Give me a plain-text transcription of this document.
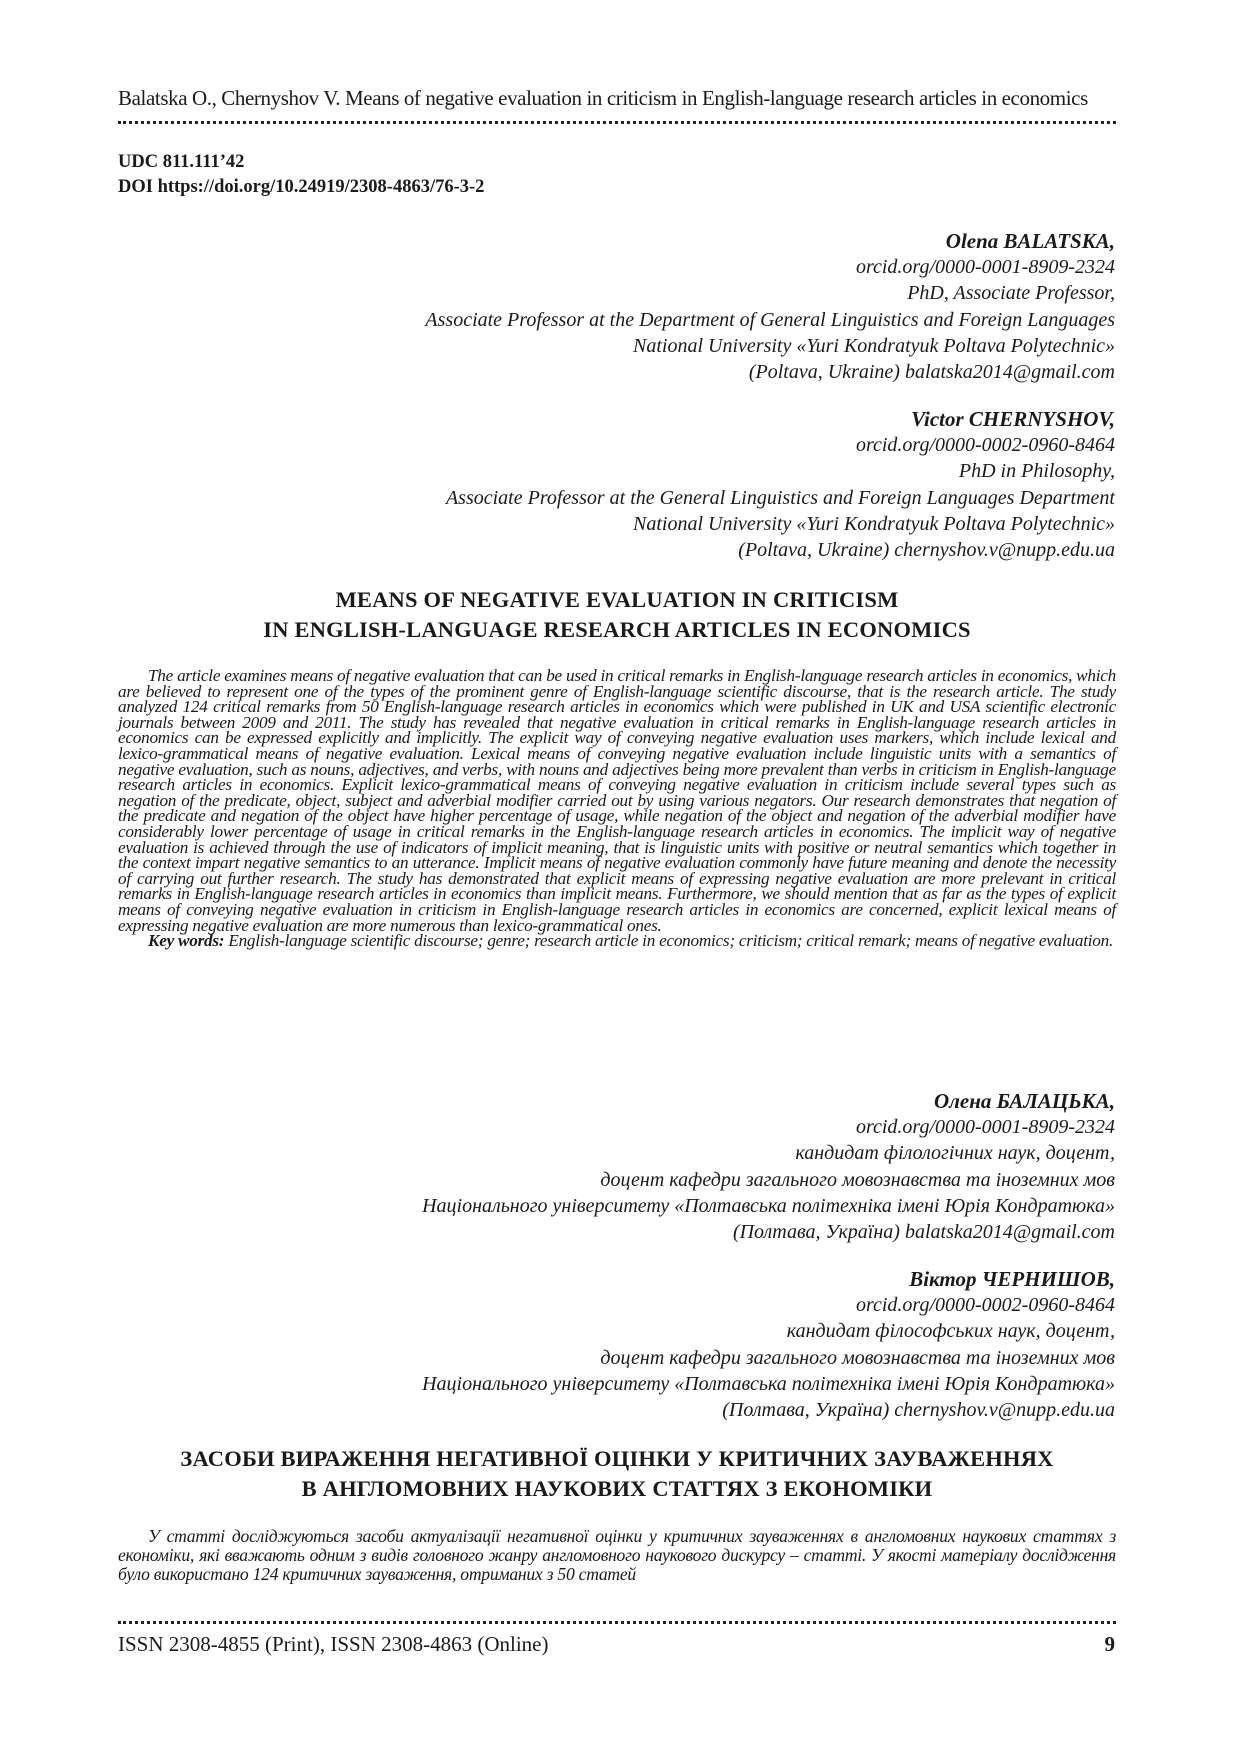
Balatska O., Chernyshov V. Means of negative evaluation in criticism in English-language research articles in economics
UDC 811.111’42
DOI https://doi.org/10.24919/2308-4863/76-3-2
Olena BALATSKA,
orcid.org/0000-0001-8909-2324
PhD, Associate Professor,
Associate Professor at the Department of General Linguistics and Foreign Languages
National University «Yuri Kondratyuk Poltava Polytechnic»
(Poltava, Ukraine) balatska2014@gmail.com
Victor CHERNYSHOV,
orcid.org/0000-0002-0960-8464
PhD in Philosophy,
Associate Professor at the General Linguistics and Foreign Languages Department
National University «Yuri Kondratyuk Poltava Polytechnic»
(Poltava, Ukraine) chernyshov.v@nupp.edu.ua
MEANS OF NEGATIVE EVALUATION IN CRITICISM
IN ENGLISH-LANGUAGE RESEARCH ARTICLES IN ECONOMICS

The article examines means of negative evaluation that can be used in critical remarks in English-language research articles in economics, which are believed to represent one of the types of the prominent genre of English-language scientific discourse, that is the research article. The study analyzed 124 critical remarks from 50 English-language research articles in economics which were published in UK and USA scientific electronic journals between 2009 and 2011. The study has revealed that negative evaluation in critical remarks in English-language research articles in economics can be expressed explicitly and implicitly. The explicit way of conveying negative evaluation uses markers, which include lexical and lexico-grammatical means of negative evaluation. Lexical means of conveying negative evaluation include linguistic units with a semantics of negative evaluation, such as nouns, adjectives, and verbs, with nouns and adjectives being more prevalent than verbs in criticism in English-language research articles in economics. Explicit lexico-grammatical means of conveying negative evaluation in criticism include several types such as negation of the predicate, object, subject and adverbial modifier carried out by using various negators. Our research demonstrates that negation of the predicate and negation of the object have higher percentage of usage, while negation of the object and negation of the adverbial modifier have considerably lower percentage of usage in critical remarks in the English-language research articles in economics. The implicit way of negative evaluation is achieved through the use of indicators of implicit meaning, that is linguistic units with positive or neutral semantics which together in the context impart negative semantics to an utterance. Implicit means of negative evaluation commonly have future meaning and denote the necessity of carrying out further research. The study has demonstrated that explicit means of expressing negative evaluation are more prelevant in critical remarks in English-language research articles in economics than implicit means. Furthermore, we should mention that as far as the types of explicit means of conveying negative evaluation in criticism in English-language research articles in economics are concerned, explicit lexical means of expressing negative evaluation are more numerous than lexico-grammatical ones.

Key words: English-language scientific discourse; genre; research article in economics; criticism; critical remark; means of negative evaluation.

Олена БАЛАЦЬКА,
orcid.org/0000-0001-8909-2324
кандидат філологічних наук, доцент,
доцент кафедри загального мовознавства та іноземних мов
Національного університету «Полтавська політехніка імені Юрія Кондратюка»
(Полтава, Україна) balatska2014@gmail.com
Віктор ЧЕРНИШОВ,
orcid.org/0000-0002-0960-8464
кандидат філософських наук, доцент,
доцент кафедри загального мовознавства та іноземних мов
Національного університету «Полтавська політехніка імені Юрія Кондратюка»
(Полтава, Україна) chernyshov.v@nupp.edu.ua
ЗАСОБИ ВИРАЖЕННЯ НЕГАТИВНОЇ ОЦІНКИ У КРИТИЧНИХ ЗАУВАЖЕННЯХ
В АНГЛОМОВНИХ НАУКОВИХ СТАТТЯХ З ЕКОНОМІКИ

У статті досліджуються засоби актуалізації негативної оцінки у критичних зауваженнях в англомовних наукових статтях з економіки, які вважають одним з видів головного жанру англомовного наукового дискурсу – статті. У якості матеріалу дослідження було використано 124 критичних зауваження, отриманих з 50 статей

ISSN 2308-4855 (Print), ISSN 2308-4863 (Online)	9
